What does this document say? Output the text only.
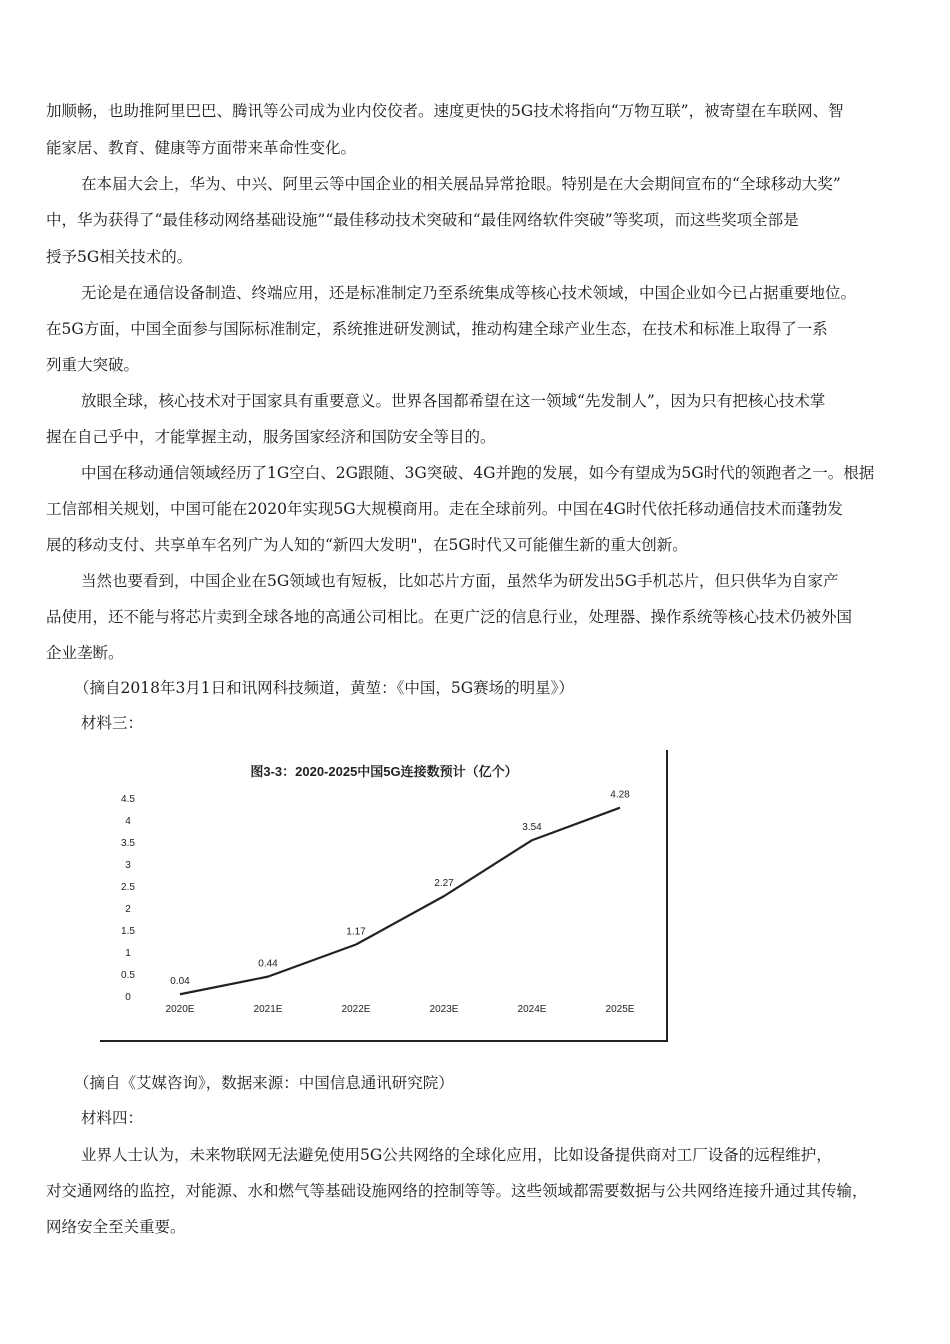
加顺畅，也助推阿里巴巴、腾讯等公司成为业内佼佼者。速度更快的5G技术将指向“万物互联”，被寄望在车联网、智
能家居、教育、健康等方面带来革命性变化。
在本届大会上，华为、中兴、阿里云等中国企业的相关展品异常抢眼。特别是在大会期间宣布的“全球移动大奖”
中，华为获得了“最佳移动网络基础设施”“最佳移动技术突破和“最佳网络软件突破”等奖项，而这些奖项全部是
授予5G相关技术的。
无论是在通信设备制造、终端应用，还是标准制定乃至系统集成等核心技术领域，中国企业如今已占据重要地位。
在5G方面，中国全面参与国际标准制定，系统推进研发测试，推动构建全球产业生态，在技术和标准上取得了一系
列重大突破。
放眼全球，核心技术对于国家具有重要意义。世界各国都希望在这一领域“先发制人”，因为只有把核心技术掌
握在自己乎中，才能掌握主动，服务国家经济和国防安全等目的。
中国在移动通信领域经历了1G空白、2G跟随、3G突破、4G并跑的发展，如今有望成为5G时代的领跑者之一。根据
工信部相关规划，中国可能在2020年实现5G大规模商用。走在全球前列。中国在4G时代依托移动通信技术而蓬勃发
展的移动支付、共享单车名列广为人知的“新四大发明"，在5G时代又可能催生新的重大创新。
当然也要看到，中国企业在5G领域也有短板，比如芯片方面，虽然华为研发出5G手机芯片，但只供华为自家产
品使用，还不能与将芯片卖到全球各地的高通公司相比。在更广泛的信息行业，处理器、操作系统等核心技术仍被外国
企业垄断。
（摘自2018年3月1日和讯网科技频道，黄堃：《中国，5G赛场的明星》）
材料三：
图3-3：2020-2025中国5G连接数预计（亿个）
0
0.5
1
1.5
2
2.5
3
3.5
4
4.5
2020E	2021E	2022E	2023E	2024E	2025E
0.04
0.44
1.17
2.27
3.54
4.28
（摘自《艾媒咨询》，数据来源：中国信息通讯研究院）
材料四：
业界人士认为，未来物联网无法避免使用5G公共网络的全球化应用，比如设备提供商对工厂设备的远程维护，
对交通网络的监控，对能源、水和燃气等基础设施网络的控制等等。这些领域都需要数据与公共网络连接升通过其传输，
网络安全至关重要。
